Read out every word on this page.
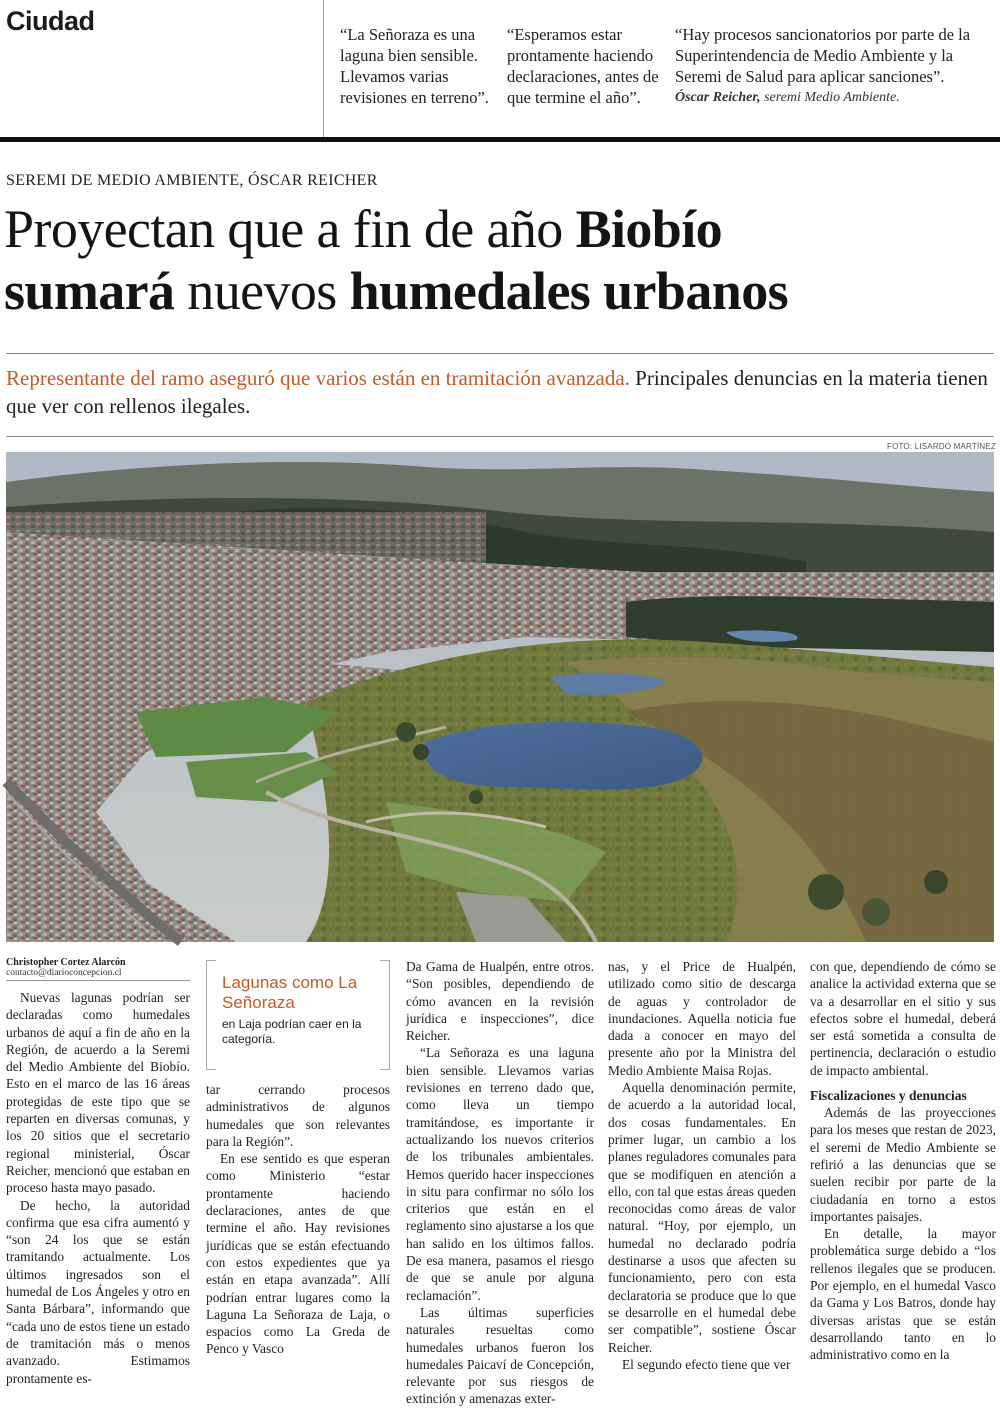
Ciudad	“La Señoraza es una laguna bien sensible. Llevamos varias revisiones en terreno”.
“Esperamos estar prontamente haciendo declaraciones, antes de que termine el año”.
“Hay procesos sancionatorios por parte de la Superintendencia de Medio Ambiente y la Seremi de Salud para aplicar sanciones”.
Óscar Reicher, seremi Medio Ambiente.
SEREMI DE MEDIO AMBIENTE, ÓSCAR REICHER
Proyectan que a fin de año Biobío
sumará nuevos humedales urbanos
Representante del ramo aseguró que varios están en tramitación avanzada. Principales denuncias en la materia tienen que ver con rellenos ilegales.
FOTO: LISARDO MARTÍNEZ
Christopher Cortez Alarcón
contacto@diarioconcepcion.cl	Lagunas como La Señoraza
en Laja podrían caer en la categoría.

Nuevas lagunas podrían ser declaradas como humedales urbanos de aquí a fin de año en la Región, de acuerdo a la Seremi del Medio Ambiente del Biobío. Esto en el marco de las 16 áreas protegidas de este tipo que se reparten en diversas comunas, y los 20 sitios que el secretario regional ministerial, Óscar Reicher, mencionó que estaban en proceso hasta mayo pasado.

De hecho, la autoridad confirma que esa cifra aumentó y “son 24 los que se están tramitando actualmente. Los últimos ingresados son el humedal de Los Ángeles y otro en Santa Bárbara”, informando que “cada uno de estos tiene un estado de tramitación más o menos avanzado. Estimamos prontamente es-

tar cerrando procesos administrativos de algunos humedales que son relevantes para la Región”.

En ese sentido es que esperan como Ministerio “estar prontamente haciendo declaraciones, antes de que termine el año. Hay revisiones jurídicas que se están efectuando con estos expedientes que ya están en etapa avanzada”. Allí podrían entrar lugares como la Laguna La Señoraza de Laja, o espacios como La Greda de Penco y Vasco

Da Gama de Hualpén, entre otros. “Son posibles, dependiendo de cómo avancen en la revisión jurídica e inspecciones”, dice Reicher.

“La Señoraza es una laguna bien sensible. Llevamos varias revisiones en terreno dado que, como lleva un tiempo tramitándose, es importante ir actualizando los nuevos criterios de los tribunales ambientales. Hemos querido hacer inspecciones in situ para confirmar no sólo los criterios que están en el reglamento sino ajustarse a los que han salido en los últimos fallos. De esa manera, pasamos el riesgo de que se anule por alguna reclamación”.

Las últimas superficies naturales resueltas como humedales urbanos fueron los humedales Paicaví de Concepción, relevante por sus riesgos de extinción y amenazas exter-

nas, y el Price de Hualpén, utilizado como sitio de descarga de aguas y controlador de inundaciones. Aquella noticia fue dada a conocer en mayo del presente año por la Ministra del Medio Ambiente Maisa Rojas.

Aquella denominación permite, de acuerdo a la autoridad local, dos cosas fundamentales. En primer lugar, un cambio a los planes reguladores comunales para que se modifiquen en atención a ello, con tal que estas áreas queden reconocidas como áreas de valor natural. “Hoy, por ejemplo, un humedal no declarado podría destinarse a usos que afecten su funcionamiento, pero con esta declaratoria se produce que lo que se desarrolle en el humedal debe ser compatible”, sostiene Óscar Reicher.

El segundo efecto tiene que ver

con que, dependiendo de cómo se analice la actividad externa que se va a desarrollar en el sitio y sus efectos sobre el humedal, deberá ser está sometida a consulta de pertinencia, declaración o estudio de impacto ambiental.

Fiscalizaciones y denuncias

Además de las proyecciones para los meses que restan de 2023, el seremi de Medio Ambiente se refirió a las denuncias que se suelen recibir por parte de la ciudadanía en torno a estos importantes paisajes.

En detalle, la mayor problemática surge debido a “los rellenos ilegales que se producen. Por ejemplo, en el humedal Vasco da Gama y Los Batros, donde hay diversas aristas que se están desarrollando tanto en lo administrativo como en la
